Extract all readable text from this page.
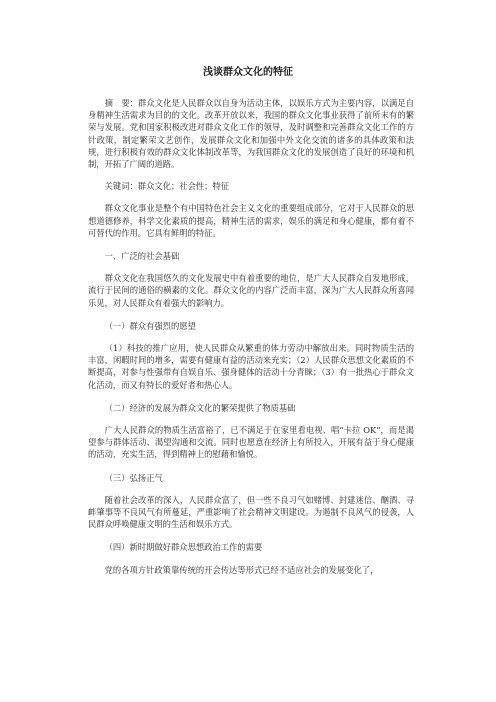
浅谈群众文化的特征

摘　要：群众文化是人民群众以自身为活动主体，以娱乐方式为主要内容，以满足自身精神生活需求为目的的文化。改革开放以来，我国的群众文化事业获得了前所未有的繁荣与发展。党和国家积极改进对群众文化工作的领导，及时调整和完善群众文化工作的方针政策，制定繁荣文艺创作，发展群众文化和加强中外文化交流的诸多的具体政策和法规，进行积极有效的群众文化体制改革等，为我国群众文化的发展创造了良好的环境和机制，开拓了广阔的道路。

关键词：群众文化；社会性；特征

群众文化事业是整个有中国特色社会主义文化的重要组成部分，它对于人民群众的思想道德修养，科学文化素质的提高，精神生活的需求，娱乐的满足和身心健康，都有着不可替代的作用。它具有鲜明的特征。

一、广泛的社会基础

群众文化在我国悠久的文化发展史中有着重要的地位，是广大人民群众自发地形成，流行于民间的通俗的横素的文化。群众文化的内容广泛而丰富，深为广大人民群众所喜闻乐见，对人民群众有着强大的影响力。

（一）群众有强烈的愿望

（1）科技的推广应用，使人民群众从繁重的体力劳动中解放出来。同时物质生活的丰富，闲暇时间的增多，需要有健康有益的活动来充实；（2）人民群众思想文化素质的不断提高，对参与性强带有自娱自乐、强身健体的活动十分青睐；（3）有一批热心于群众文化活动，而又有特长的爱好者和热心人。

（二）经济的发展为群众文化的繁荣提供了物质基础

广大人民群众的物质生活富裕了，已不满足于在家里看电视、唱“卡拉 OK”，而是渴望参与群体活动、渴望沟通和交流。同时也愿意在经济上有所投入，开展有益于身心健康的活动，充实生活，得到精神上的慰藉和愉悦。

（三）弘扬正气

随着社会改革的深入，人民群众富了，但一些不良习气如赌博、封建迷信、酗酒、寻衅肇事等不良风气有所蔓延，严重影响了社会精神文明建设。为遏制不良风气的侵袭，人民群众呼唤健康文明的生活和娱乐方式。

（四）新时期做好群众思想政治工作的需要

党的各项方针政策靠传统的开会传达等形式已经不适应社会的发展变化了，
